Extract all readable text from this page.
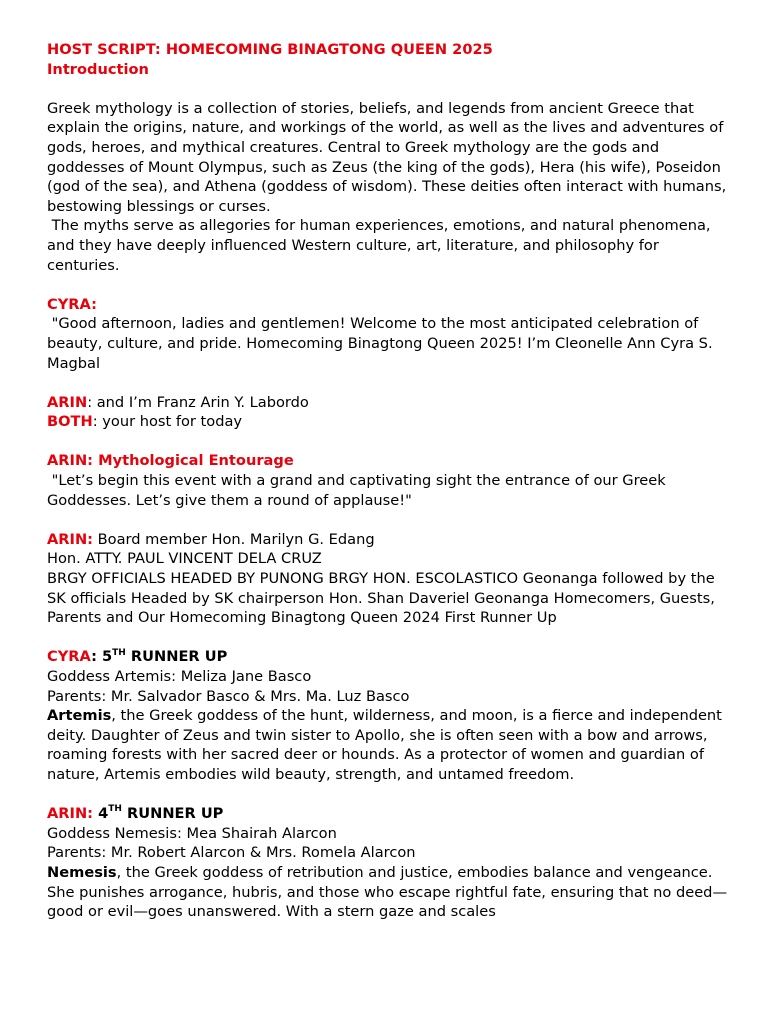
HOST SCRIPT: HOMECOMING BINAGTONG QUEEN 2025

Introduction

Greek mythology is a collection of stories, beliefs, and legends from ancient Greece that explain the origins, nature, and workings of the world, as well as the lives and adventures of gods, heroes, and mythical creatures. Central to Greek mythology are the gods and goddesses of Mount Olympus, such as Zeus (the king of the gods), Hera (his wife), Poseidon (god of the sea), and Athena (goddess of wisdom). These deities often interact with humans, bestowing blessings or curses.

The myths serve as allegories for human experiences, emotions, and natural phenomena, and they have deeply influenced Western culture, art, literature, and philosophy for centuries.

CYRA:

"Good afternoon, ladies and gentlemen! Welcome to the most anticipated celebration of beauty, culture, and pride. Homecoming Binagtong Queen 2025! I’m Cleonelle Ann Cyra S. Magbal

ARIN: and I’m Franz Arin Y. Labordo

BOTH: your host for today

ARIN: Mythological Entourage

"Let’s begin this event with a grand and captivating sight the entrance of our Greek Goddesses. Let’s give them a round of applause!"

ARIN: Board member Hon. Marilyn G. Edang

Hon. ATTY. PAUL VINCENT DELA CRUZ

BRGY OFFICIALS HEADED BY PUNONG BRGY HON. ESCOLASTICO Geonanga followed by the SK officials Headed by SK chairperson Hon. Shan Daveriel Geonanga Homecomers, Guests, Parents and Our Homecoming Binagtong Queen 2024 First Runner Up

CYRA: 5TH RUNNER UP

Goddess Artemis: Meliza Jane Basco

Parents: Mr. Salvador Basco & Mrs. Ma. Luz Basco

Artemis, the Greek goddess of the hunt, wilderness, and moon, is a fierce and independent deity. Daughter of Zeus and twin sister to Apollo, she is often seen with a bow and arrows, roaming forests with her sacred deer or hounds. As a protector of women and guardian of nature, Artemis embodies wild beauty, strength, and untamed freedom.

ARIN: 4TH RUNNER UP

Goddess Nemesis: Mea Shairah Alarcon

Parents: Mr. Robert Alarcon & Mrs. Romela Alarcon

Nemesis, the Greek goddess of retribution and justice, embodies balance and vengeance. She punishes arrogance, hubris, and those who escape rightful fate, ensuring that no deed—good or evil—goes unanswered. With a stern gaze and scales
